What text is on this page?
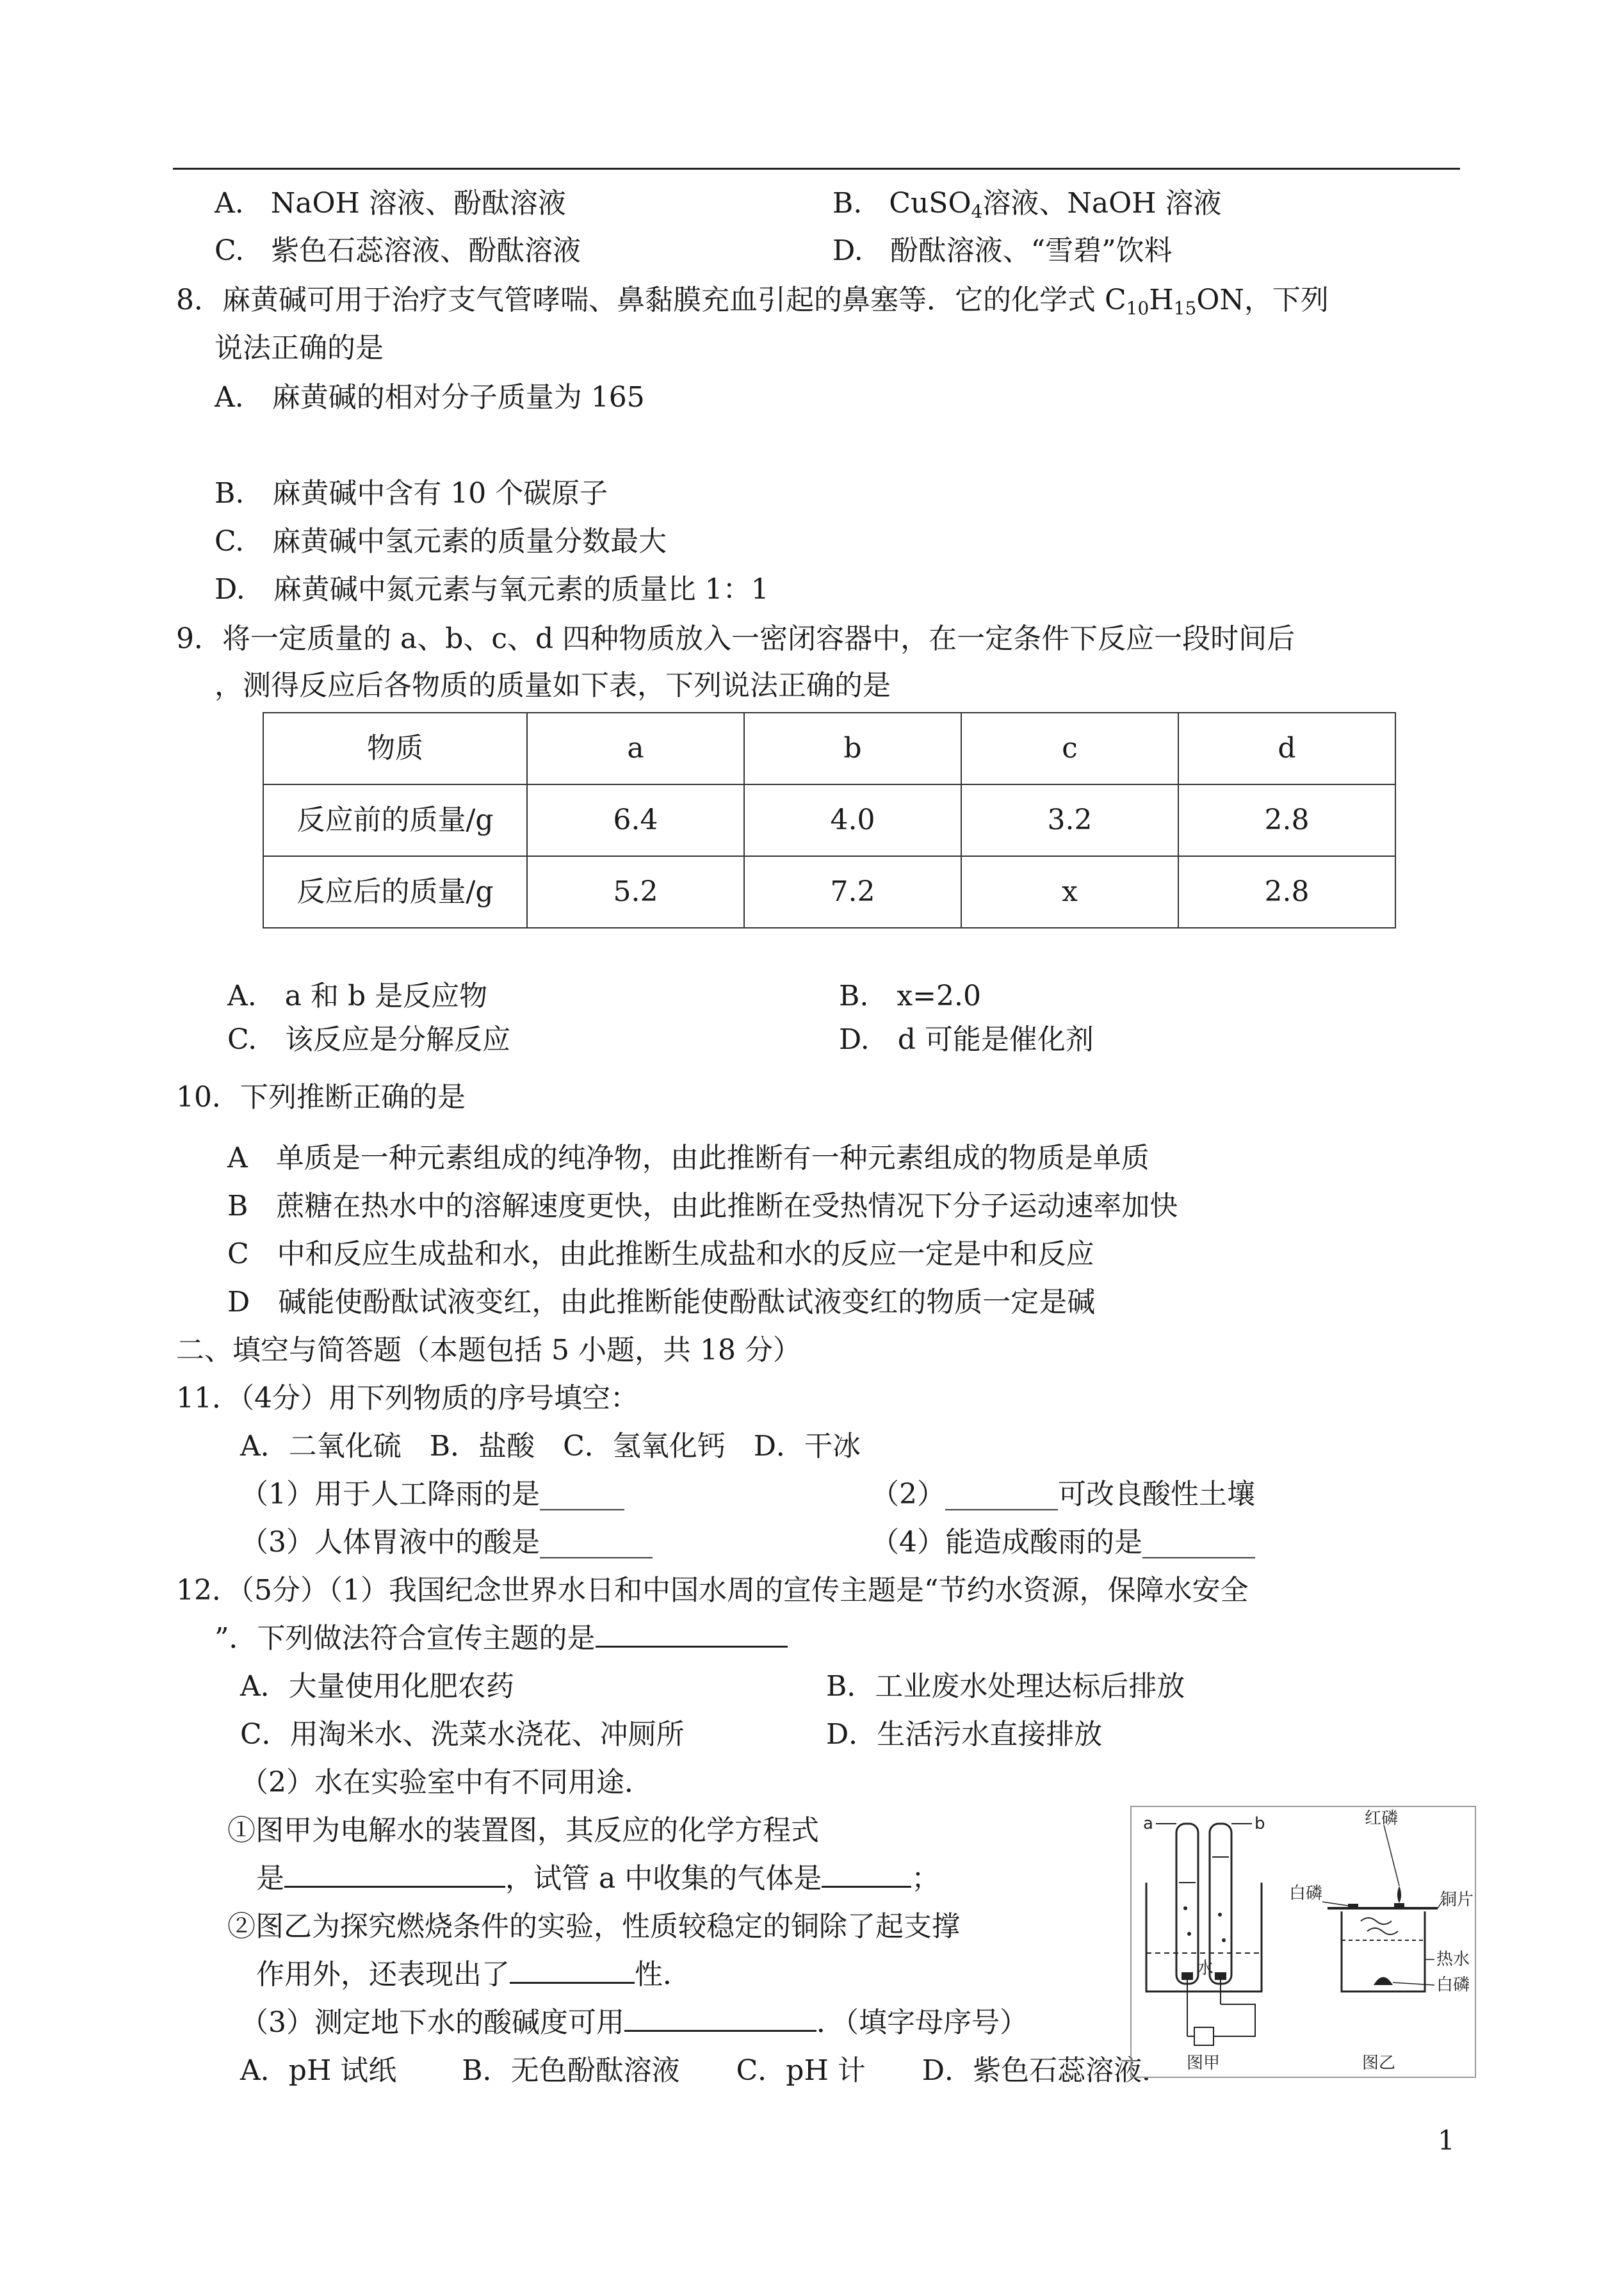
A. NaOH 溶液、酚酞溶液	B. CuSO$_4$溶液、NaOH 溶液
C. 紫色石蕊溶液、酚酞溶液	D. 酚酞溶液、“雪碧”饮料
8．麻黄碱可用于治疗支气管哮喘、鼻黏膜充血引起的鼻塞等．它的化学式 $C_{10}H_{15}ON$，下列
说法正确的是
A.　麻黄碱的相对分子质量为 165
B.　麻黄碱中含有 10 个碳原子
C.　麻黄碱中氢元素的质量分数最大
D.　麻黄碱中氮元素与氧元素的质量比 1：1
9．将一定质量的 a、b、c、d 四种物质放入一密闭容器中，在一定条件下反应一段时间后
，测得反应后各物质的质量如下表，下列说法正确的是
物质	a	b	c	d
反应前的质量/g	6.4	4.0	3.2	2.8
反应后的质量/g	5.2	7.2	x	2.8
A.　a 和 b 是反应物	B.　x=2.0
C.　该反应是分解反应	D.　d 可能是催化剂
10．下列推断正确的是
A　单质是一种元素组成的纯净物，由此推断有一种元素组成的物质是单质
B　蔗糖在热水中的溶解速度更快，由此推断在受热情况下分子运动速率加快
C　中和反应生成盐和水，由此推断生成盐和水的反应一定是中和反应
D　碱能使酚酞试液变红，由此推断能使酚酞试液变红的物质一定是碱
二、填空与简答题（本题包括 5 小题，共 18 分）
11．（4分）用下列物质的序号填空：
A．二氧化硫　B．盐酸　C．氢氧化钙　D．干冰
（1）用于人工降雨的是______	（2）________可改良酸性土壤
（3）人体胃液中的酸是________	（4）能造成酸雨的是________
12．（5分）（1）我国纪念世界水日和中国水周的宣传主题是“节约水资源，保障水安全
”．下列做法符合宣传主题的是
A．大量使用化肥农药	B．工业废水处理达标后排放
C．用淘米水、洗菜水浇花、冲厕所	D．生活污水直接排放
（2）水在实验室中有不同用途．
①图甲为电解水的装置图，其反应的化学方程式
是	，试管 a 中收集的气体是	；
②图乙为探究燃烧条件的实验，性质较稳定的铜除了起支撑
作用外，还表现出了	性．
（3）测定地下水的酸碱度可用	．（填字母序号）
A．pH 试纸　　 B．无色酚酞溶液　　C．pH 计　　D．紫色石蕊溶液．
a	b
水
图甲
红磷
白磷	铜片
热水
白磷
图乙
1
